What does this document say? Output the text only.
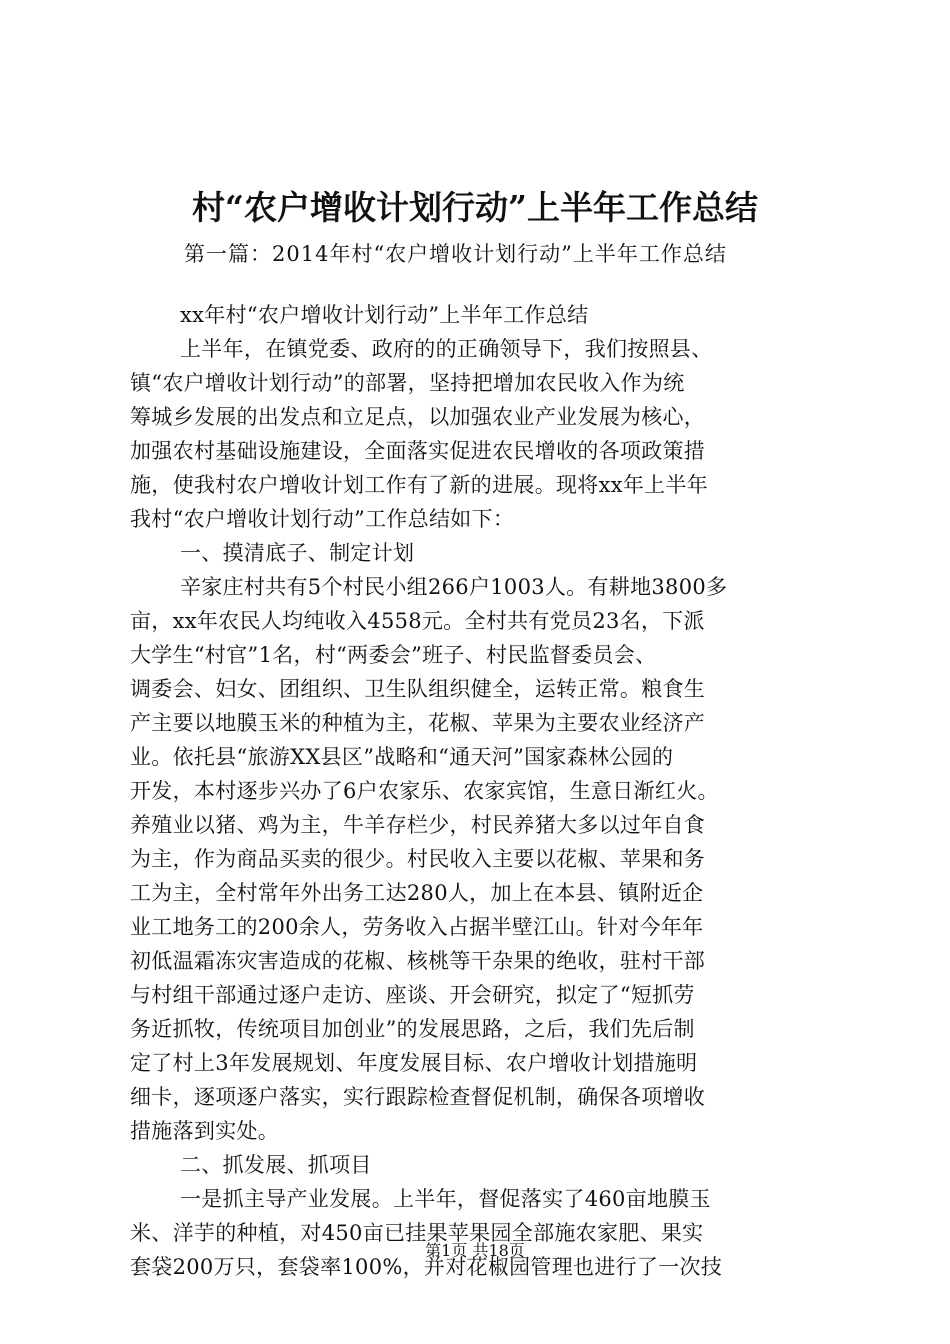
村“农户增收计划行动”上半年工作总结
第一篇：2014年村“农户增收计划行动”上半年工作总结
xx年村“农户增收计划行动”上半年工作总结
上半年，在镇党委、政府的的正确领导下，我们按照县、
镇“农户增收计划行动”的部署，坚持把增加农民收入作为统
筹城乡发展的出发点和立足点，以加强农业产业发展为核心，
加强农村基础设施建设，全面落实促进农民增收的各项政策措
施，使我村农户增收计划工作有了新的进展。现将xx年上半年
我村“农户增收计划行动”工作总结如下：
一、摸清底子、制定计划
辛家庄村共有5个村民小组266户1003人。有耕地3800多
亩，xx年农民人均纯收入4558元。全村共有党员23名，下派
大学生“村官”1名，村“两委会”班子、村民监督委员会、
调委会、妇女、团组织、卫生队组织健全，运转正常。粮食生
产主要以地膜玉米的种植为主，花椒、苹果为主要农业经济产
业。依托县“旅游XX县区”战略和“通天河”国家森林公园的
开发，本村逐步兴办了6户农家乐、农家宾馆，生意日渐红火。
养殖业以猪、鸡为主，牛羊存栏少，村民养猪大多以过年自食
为主，作为商品买卖的很少。村民收入主要以花椒、苹果和务
工为主，全村常年外出务工达280人，加上在本县、镇附近企
业工地务工的200余人，劳务收入占据半壁江山。针对今年年
初低温霜冻灾害造成的花椒、核桃等干杂果的绝收，驻村干部
与村组干部通过逐户走访、座谈、开会研究，拟定了“短抓劳
务近抓牧，传统项目加创业”的发展思路，之后，我们先后制
定了村上3年发展规划、年度发展目标、农户增收计划措施明
细卡，逐项逐户落实，实行跟踪检查督促机制，确保各项增收
措施落到实处。
二、抓发展、抓项目
一是抓主导产业发展。上半年，督促落实了460亩地膜玉
米、洋芋的种植，对450亩已挂果苹果园全部施农家肥、果实
套袋200万只，套袋率100%，并对花椒园管理也进行了一次技
第1页 共18页
